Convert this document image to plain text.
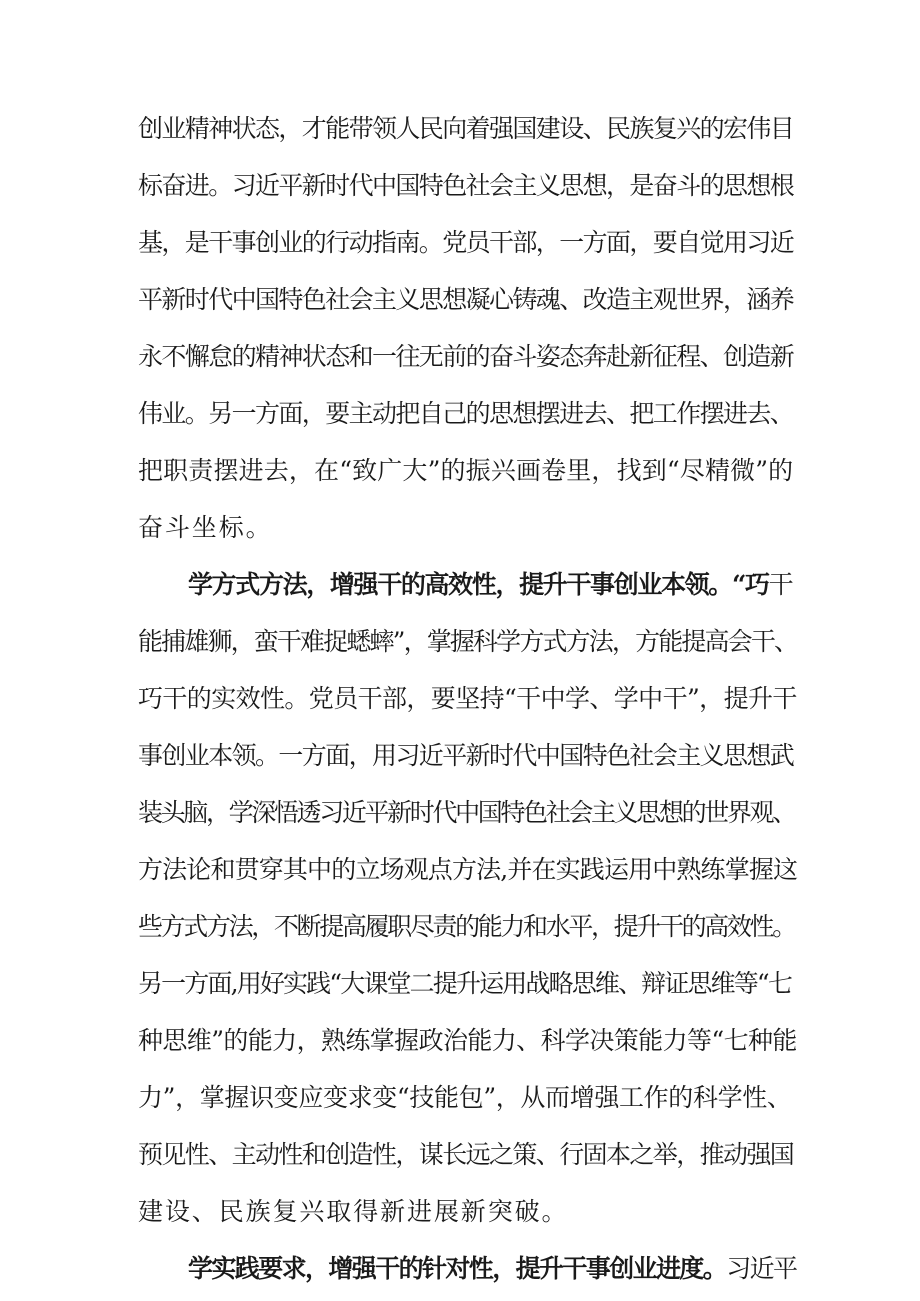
创业精神状态，才能带领人民向着强国建设、民族复兴的宏伟目
标奋进。习近平新时代中国特色社会主义思想，是奋斗的思想根
基，是干事创业的行动指南。党员干部，一方面，要自觉用习近
平新时代中国特色社会主义思想凝心铸魂、改造主观世界，涵养
永不懈怠的精神状态和一往无前的奋斗姿态奔赴新征程、创造新
伟业。另一方面，要主动把自己的思想摆进去、把工作摆进去、
把职责摆进去，在“致广大”的振兴画卷里，找到“尽精微”的
奋斗坐标。
学方式方法，增强干的高效性，提升干事创业本领。“巧干
能捕雄狮，蛮干难捉蟋蟀”，掌握科学方式方法，方能提高会干、
巧干的实效性。党员干部，要坚持“干中学、学中干”，提升干
事创业本领。一方面，用习近平新时代中国特色社会主义思想武
装头脑，学深悟透习近平新时代中国特色社会主义思想的世界观、
方法论和贯穿其中的立场观点方法,并在实践运用中熟练掌握这
些方式方法，不断提高履职尽责的能力和水平，提升干的高效性。
另一方面,用好实践“大课堂二提升运用战略思维、辩证思维等“七
种思维”的能力，熟练掌握政治能力、科学决策能力等“七种能
力”，掌握识变应变求变“技能包”，从而增强工作的科学性、
预见性、主动性和创造性，谋长远之策、行固本之举，推动强国
建设、民族复兴取得新进展新突破。
学实践要求，增强干的针对性，提升干事创业进度。习近平
